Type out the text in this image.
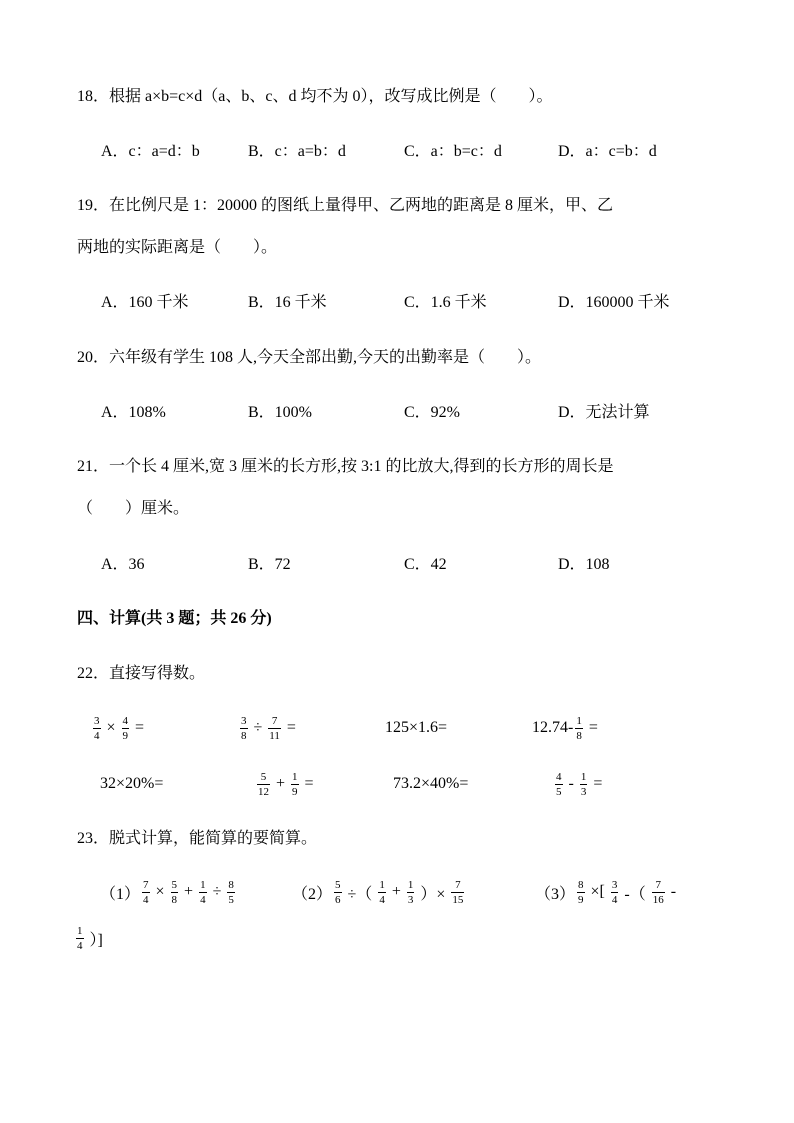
18．根据 a×b=c×d（a、b、c、d 均不为 0），改写成比例是（　　）。
A．c：a=d：b	B．c：a=b：d	C．a：b=c：d	D．a：c=b：d
19．在比例尺是 1：20000 的图纸上量得甲、乙两地的距离是 8 厘米，甲、乙
两地的实际距离是（　　）。
A．160 千米	B．16 千米	C．1.6 千米	D．160000 千米
20．六年级有学生 108 人,今天全部出勤,今天的出勤率是（　　）。
A．108%	B．100%	C．92%	D．无法计算
21．一个长 4 厘米,宽 3 厘米的长方形,按 3:1 的比放大,得到的长方形的周长是
（　　）厘米。
A．36	B．72	C．42	D．108
四、计算(共 3 题；共 26 分)
22．直接写得数。
$\frac{3}{4} \times \frac{4}{9}$ =	$\frac{3}{8} \div \frac{7}{11}$ =	125×1.6=	$12.74- \frac{1}{8}$ =
32×20%=	$\frac{5}{12} + \frac{1}{9}$ =	73.2×40%=	$\frac{4}{5} - \frac{1}{3}$ =
23．脱式计算，能简算的要简算。
$(1) \frac{7}{4} \times \frac{5}{8} + \frac{1}{4} \div \frac{8}{5}$	$(2) \frac{5}{6}$ ÷（ $\frac{1}{4} + \frac{1}{3}$ ）× $\frac{7}{15}$	$(3) \frac{8}{9}$ ×[ $\frac{3}{4}$ -（ $\frac{7}{16}$ -
$\frac{1}{4}$ ）]
